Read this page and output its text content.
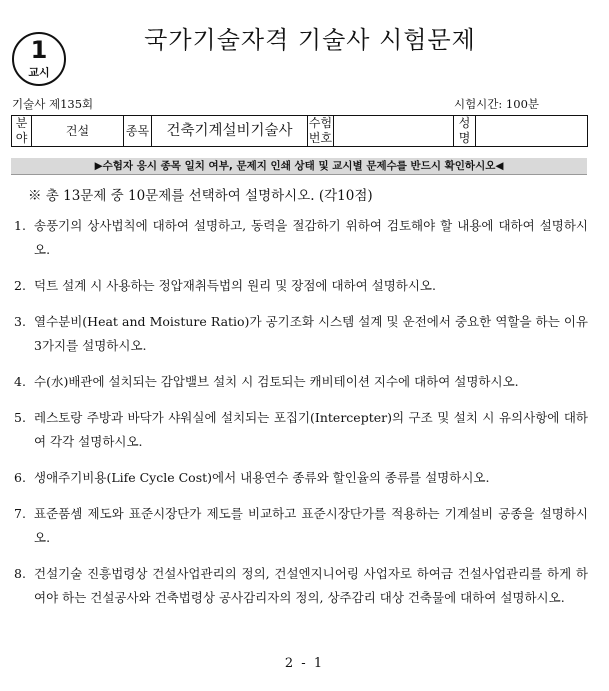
1
교시
국가기술자격 기술사 시험문제
기술사 제135회	시험시간: 100분
분야	건설	종목	건축기계설비기술사	수험번호		성명	

▶수험자 응시 종목 일치 여부, 문제지 인쇄 상태 및 교시별 문제수를 반드시 확인하시오◀
※ 총 13문제 중 10문제를 선택하여 설명하시오. (각10점)
1. 송풍기의 상사법칙에 대하여 설명하고, 동력을 절감하기 위하여 검토해야 할 내용에 대하여 설명하시오.
2. 덕트 설계 시 사용하는 정압재취득법의 원리 및 장점에 대하여 설명하시오.
3. 열수분비(Heat and Moisture Ratio)가 공기조화 시스템 설계 및 운전에서 중요한 역할을 하는 이유 3가지를 설명하시오.
4. 수(水)배관에 설치되는 감압밸브 설치 시 검토되는 캐비테이션 지수에 대하여 설명하시오.
5. 레스토랑 주방과 바닥가 샤워실에 설치되는 포집기(Intercepter)의 구조 및 설치 시 유의사항에 대하여 각각 설명하시오.
6. 생애주기비용(Life Cycle Cost)에서 내용연수 종류와 할인율의 종류를 설명하시오.
7. 표준품셈 제도와 표준시장단가 제도를 비교하고 표준시장단가를 적용하는 기계설비 공종을 설명하시오.
8. 건설기술 진흥법령상 건설사업관리의 정의, 건설엔지니어링 사업자로 하여금 건설사업관리를 하게 하여야 하는 건설공사와 건축법령상 공사감리자의 정의, 상주감리 대상 건축물에 대하여 설명하시오.
2 - 1
